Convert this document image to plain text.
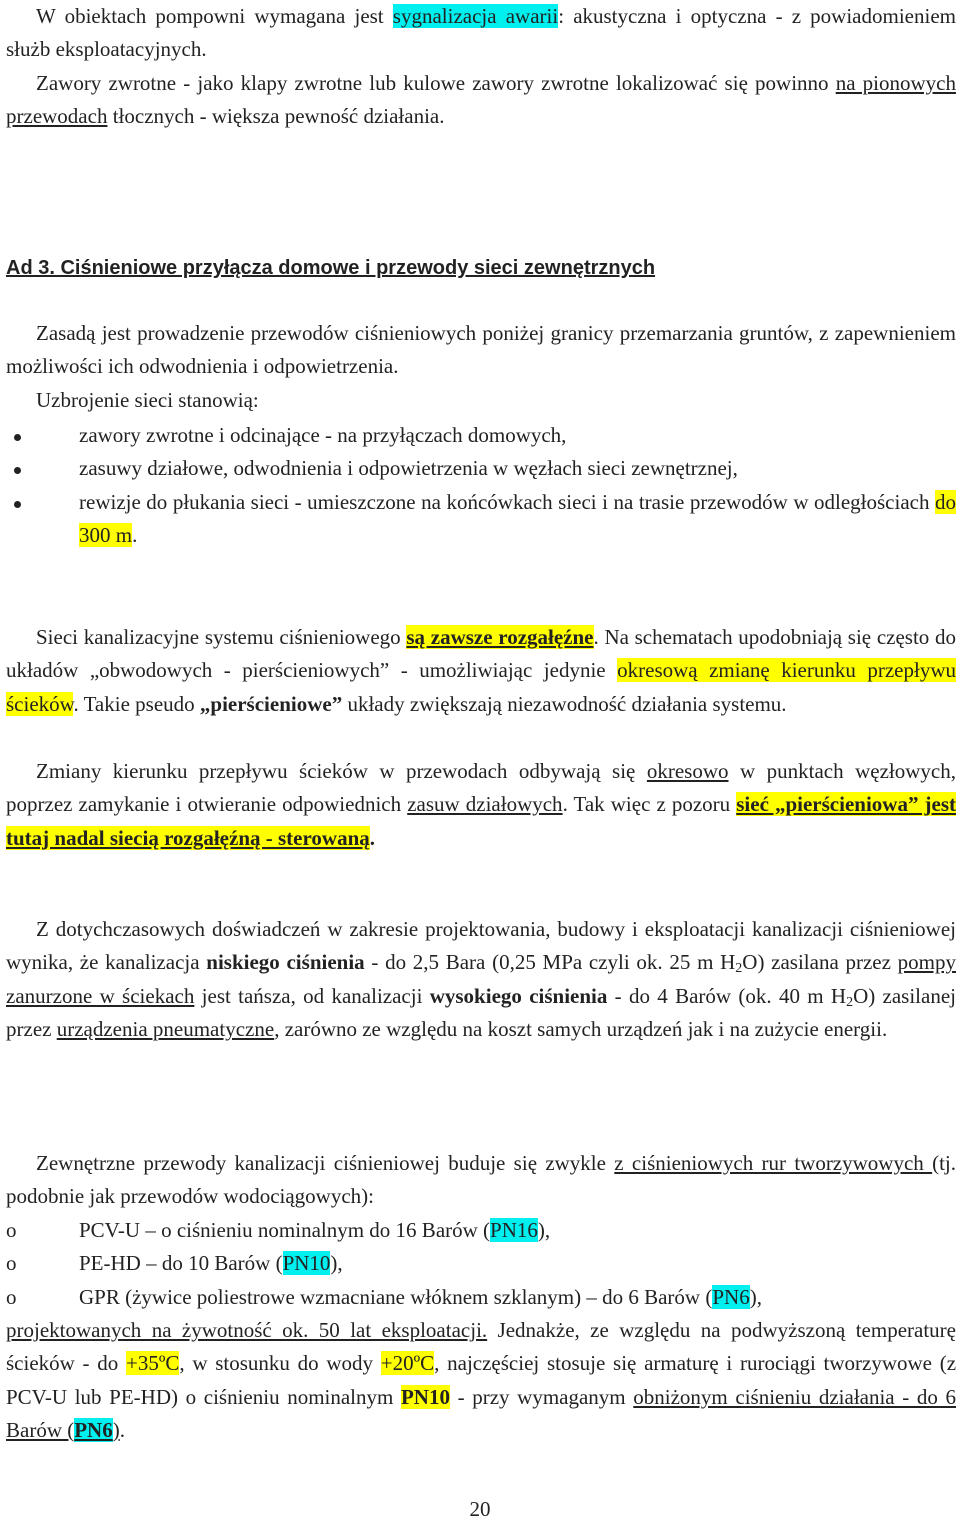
W obiektach pompowni wymagana jest sygnalizacja awarii: akustyczna i optyczna - z powiadomieniem służb eksploatacyjnych.

Zawory zwrotne - jako klapy zwrotne lub kulowe zawory zwrotne lokalizować się powinno na pionowych przewodach tłocznych - większa pewność działania.

Ad 3. Ciśnieniowe przyłącza domowe i przewody sieci zewnętrznych

Zasadą jest prowadzenie przewodów ciśnieniowych poniżej granicy przemarzania gruntów, z zapewnieniem możliwości ich odwodnienia i odpowietrzenia.

Uzbrojenie sieci stanowią:

zawory zwrotne i odcinające - na przyłączach domowych,
zasuwy działowe, odwodnienia i odpowietrzenia w węzłach sieci zewnętrznej,
rewizje do płukania sieci - umieszczone na końcówkach sieci i na trasie przewodów w odległościach do 300 m.

Sieci kanalizacyjne systemu ciśnieniowego są zawsze rozgałęźne. Na schematach upodobniają się często do układów „obwodowych - pierścieniowych” - umożliwiając jedynie okresową zmianę kierunku przepływu ścieków. Takie pseudo „pierścieniowe” układy zwiększają niezawodność działania systemu.

Zmiany kierunku przepływu ścieków w przewodach odbywają się okresowo w punktach węzłowych, poprzez zamykanie i otwieranie odpowiednich zasuw działowych. Tak więc z pozoru sieć „pierścieniowa” jest tutaj nadal siecią rozgałęźną - sterowaną.

Z dotychczasowych doświadczeń w zakresie projektowania, budowy i eksploatacji kanalizacji ciśnieniowej wynika, że kanalizacja niskiego ciśnienia - do 2,5 Bara (0,25 MPa czyli ok. 25 m $H_2O$) zasilana przez pompy zanurzone w ściekach jest tańsza, od kanalizacji wysokiego ciśnienia - do 4 Barów (ok. 40 m $H_2O$) zasilanej przez urządzenia pneumatyczne, zarówno ze względu na koszt samych urządzeń jak i na zużycie energii.

Zewnętrzne przewody kanalizacji ciśnieniowej buduje się zwykle z ciśnieniowych rur tworzywowych (tj. podobnie jak przewodów wodociągowych):

o	PCV-U – o ciśnieniu nominalnym do 16 Barów (PN16),
o	PE-HD – do 10 Barów (PN10),
o	GPR (żywice poliestrowe wzmacniane włóknem szklanym) – do 6 Barów (PN6),

projektowanych na żywotność ok. 50 lat eksploatacji. Jednakże, ze względu na podwyższoną temperaturę ścieków - do +35ºC, w stosunku do wody +20ºC, najczęściej stosuje się armaturę i rurociągi tworzywowe (z PCV-U lub PE-HD) o ciśnieniu nominalnym PN10 - przy wymaganym obniżonym ciśnieniu działania - do 6 Barów (PN6).

20
